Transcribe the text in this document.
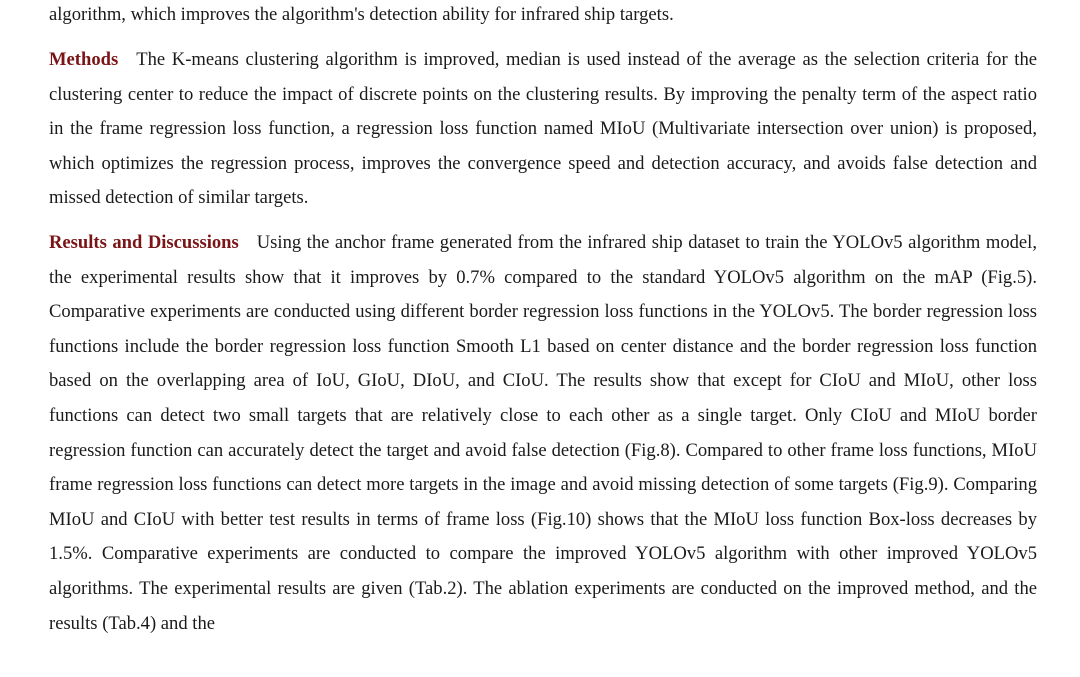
algorithm, which improves the algorithm's detection ability for infrared ship targets.

Methods The K-means clustering algorithm is improved, median is used instead of the average as the selection criteria for the clustering center to reduce the impact of discrete points on the clustering results. By improving the penalty term of the aspect ratio in the frame regression loss function, a regression loss function named MIoU (Multivariate intersection over union) is proposed, which optimizes the regression process, improves the convergence speed and detection accuracy, and avoids false detection and missed detection of similar targets.

Results and Discussions Using the anchor frame generated from the infrared ship dataset to train the YOLOv5 algorithm model, the experimental results show that it improves by 0.7% compared to the standard YOLOv5 algorithm on the mAP (Fig.5). Comparative experiments are conducted using different border regression loss functions in the YOLOv5. The border regression loss functions include the border regression loss function Smooth L1 based on center distance and the border regression loss function based on the overlapping area of IoU, GIoU, DIoU, and CIoU. The results show that except for CIoU and MIoU, other loss functions can detect two small targets that are relatively close to each other as a single target. Only CIoU and MIoU border regression function can accurately detect the target and avoid false detection (Fig.8). Compared to other frame loss functions, MIoU frame regression loss functions can detect more targets in the image and avoid missing detection of some targets (Fig.9). Comparing MIoU and CIoU with better test results in terms of frame loss (Fig.10) shows that the MIoU loss function Box-loss decreases by 1.5%. Comparative experiments are conducted to compare the improved YOLOv5 algorithm with other improved YOLOv5 algorithms. The experimental results are given (Tab.2). The ablation experiments are conducted on the improved method, and the results (Tab.4) and the
